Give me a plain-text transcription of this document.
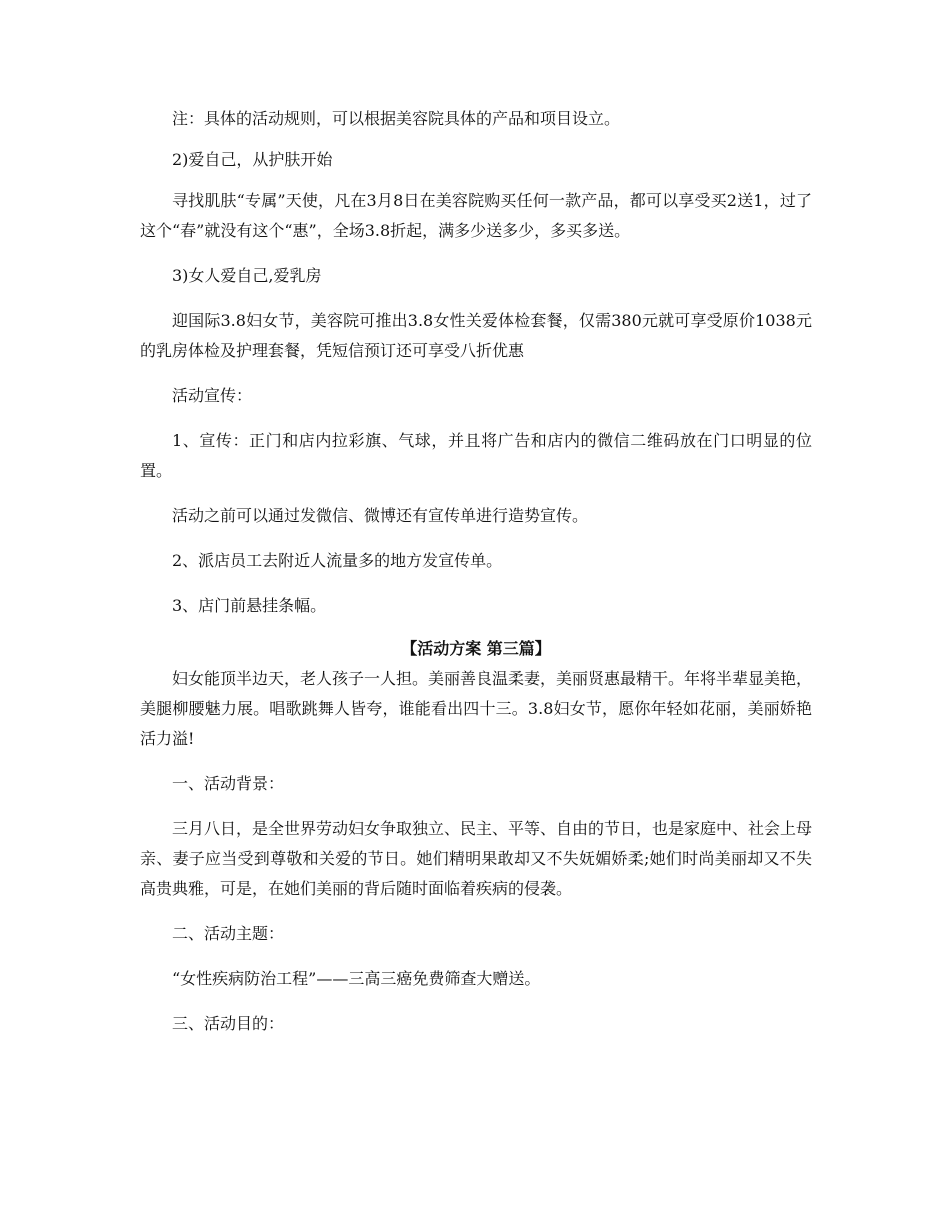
注：具体的活动规则，可以根据美容院具体的产品和项目设立。

2)爱自己，从护肤开始

寻找肌肤“专属”天使，凡在3月8日在美容院购买任何一款产品，都可以享受买2送1，过了这个“春”就没有这个“惠”，全场3.8折起，满多少送多少，多买多送。

3)女人爱自己,爱乳房

迎国际3.8妇女节，美容院可推出3.8女性关爱体检套餐，仅需380元就可享受原价1038元的乳房体检及护理套餐，凭短信预订还可享受八折优惠

活动宣传：

1、宣传：正门和店内拉彩旗、气球，并且将广告和店内的微信二维码放在门口明显的位置。

活动之前可以通过发微信、微博还有宣传单进行造势宣传。

2、派店员工去附近人流量多的地方发宣传单。

3、店门前悬挂条幅。

【活动方案 第三篇】

妇女能顶半边天，老人孩子一人担。美丽善良温柔妻，美丽贤惠最精干。年将半辈显美艳，美腿柳腰魅力展。唱歌跳舞人皆夸，谁能看出四十三。3.8妇女节，愿你年轻如花丽，美丽娇艳活力溢!

一、活动背景：

三月八日，是全世界劳动妇女争取独立、民主、平等、自由的节日，也是家庭中、社会上母亲、妻子应当受到尊敬和关爱的节日。她们精明果敢却又不失妩媚娇柔;她们时尚美丽却又不失高贵典雅，可是，在她们美丽的背后随时面临着疾病的侵袭。

二、活动主题：

“女性疾病防治工程”——三高三癌免费筛查大赠送。

三、活动目的：
